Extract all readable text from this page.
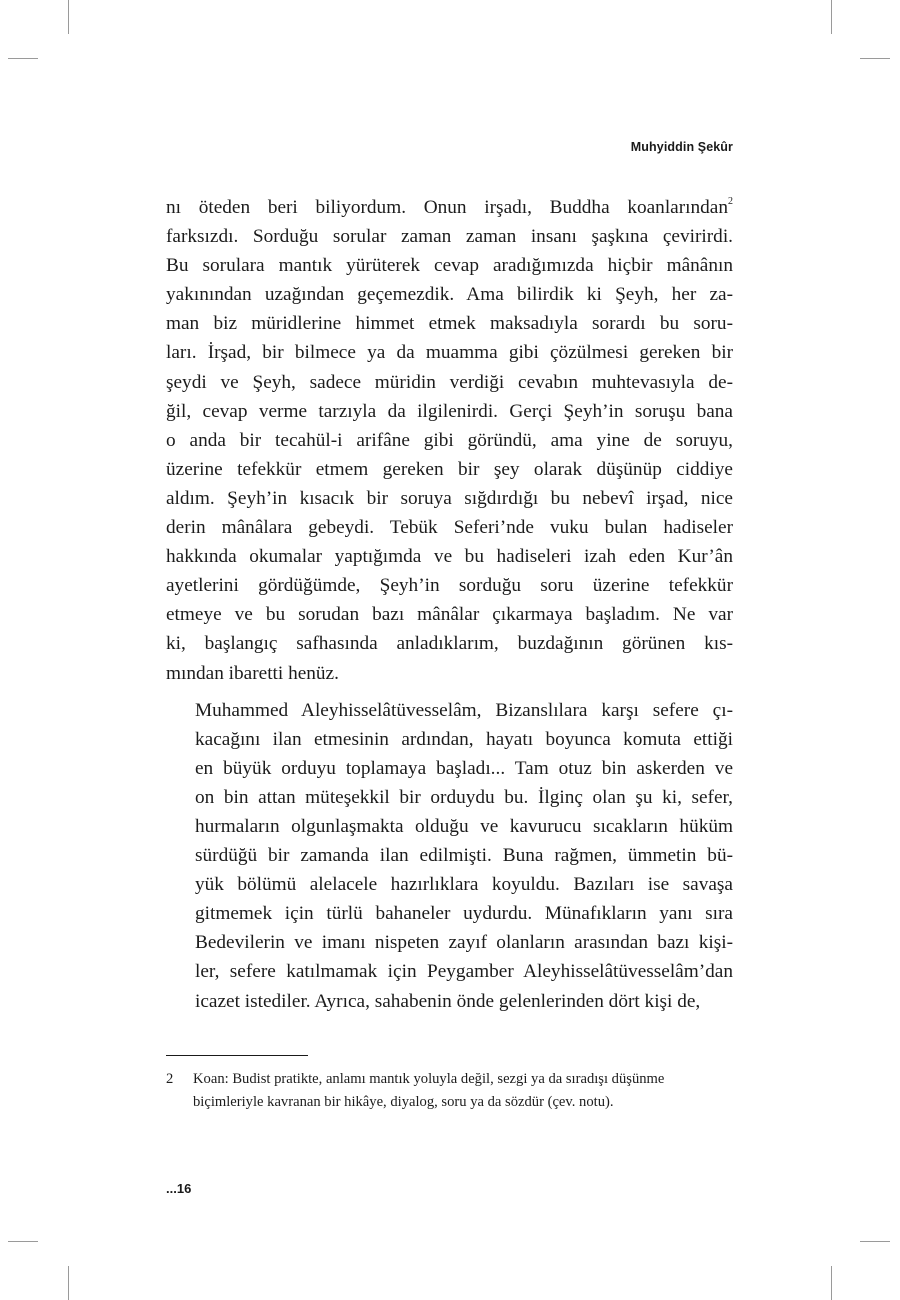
Muhyiddin Şekûr

nı öteden beri biliyordum. Onun irşadı, Buddha koanlarından$^2$
farksızdı. Sorduğu sorular zaman zaman insanı şaşkına çevirirdi.
Bu sorulara mantık yürüterek cevap aradığımızda hiçbir mânânın
yakınından uzağından geçemezdik. Ama bilirdik ki Şeyh, her za-
man biz müridlerine himmet etmek maksadıyla sorardı bu soru-
ları. İrşad, bir bilmece ya da muamma gibi çözülmesi gereken bir
şeydi ve Şeyh, sadece müridin verdiği cevabın muhtevasıyla de-
ğil, cevap verme tarzıyla da ilgilenirdi. Gerçi Şeyh’in soruşu bana
o anda bir tecahül-i arifâne gibi göründü, ama yine de soruyu,
üzerine tefekkür etmem gereken bir şey olarak düşünüp ciddiye
aldım. Şeyh’in kısacık bir soruya sığdırdığı bu nebevî irşad, nice
derin mânâlara gebeydi. Tebük Seferi’nde vuku bulan hadiseler
hakkında okumalar yaptığımda ve bu hadiseleri izah eden Kur’ân
ayetlerini gördüğümde, Şeyh’in sorduğu soru üzerine tefekkür
etmeye ve bu sorudan bazı mânâlar çıkarmaya başladım. Ne var
ki, başlangıç safhasında anladıklarım, buzdağının görünen kıs-
mından ibaretti henüz.

Muhammed Aleyhisselâtüvesselâm, Bizanslılara karşı sefere çı-
kacağını ilan etmesinin ardından, hayatı boyunca komuta ettiği
en büyük orduyu toplamaya başladı... Tam otuz bin askerden ve
on bin attan müteşekkil bir orduydu bu. İlginç olan şu ki, sefer,
hurmaların olgunlaşmakta olduğu ve kavurucu sıcakların hüküm
sürdüğü bir zamanda ilan edilmişti. Buna rağmen, ümmetin bü-
yük bölümü alelacele hazırlıklara koyuldu. Bazıları ise savaşa
gitmemek için türlü bahaneler uydurdu. Münafıkların yanı sıra
Bedevilerin ve imanı nispeten zayıf olanların arasından bazı kişi-
ler, sefere katılmamak için Peygamber Aleyhisselâtüvesselâm’dan
icazet istediler. Ayrıca, sahabenin önde gelenlerinden dört kişi de,

2 Koan: Budist pratikte, anlamı mantık yoluyla değil, sezgi ya da sıradışı düşünme biçimleriyle kavranan bir hikâye, diyalog, soru ya da sözdür (çev. notu).
...16
